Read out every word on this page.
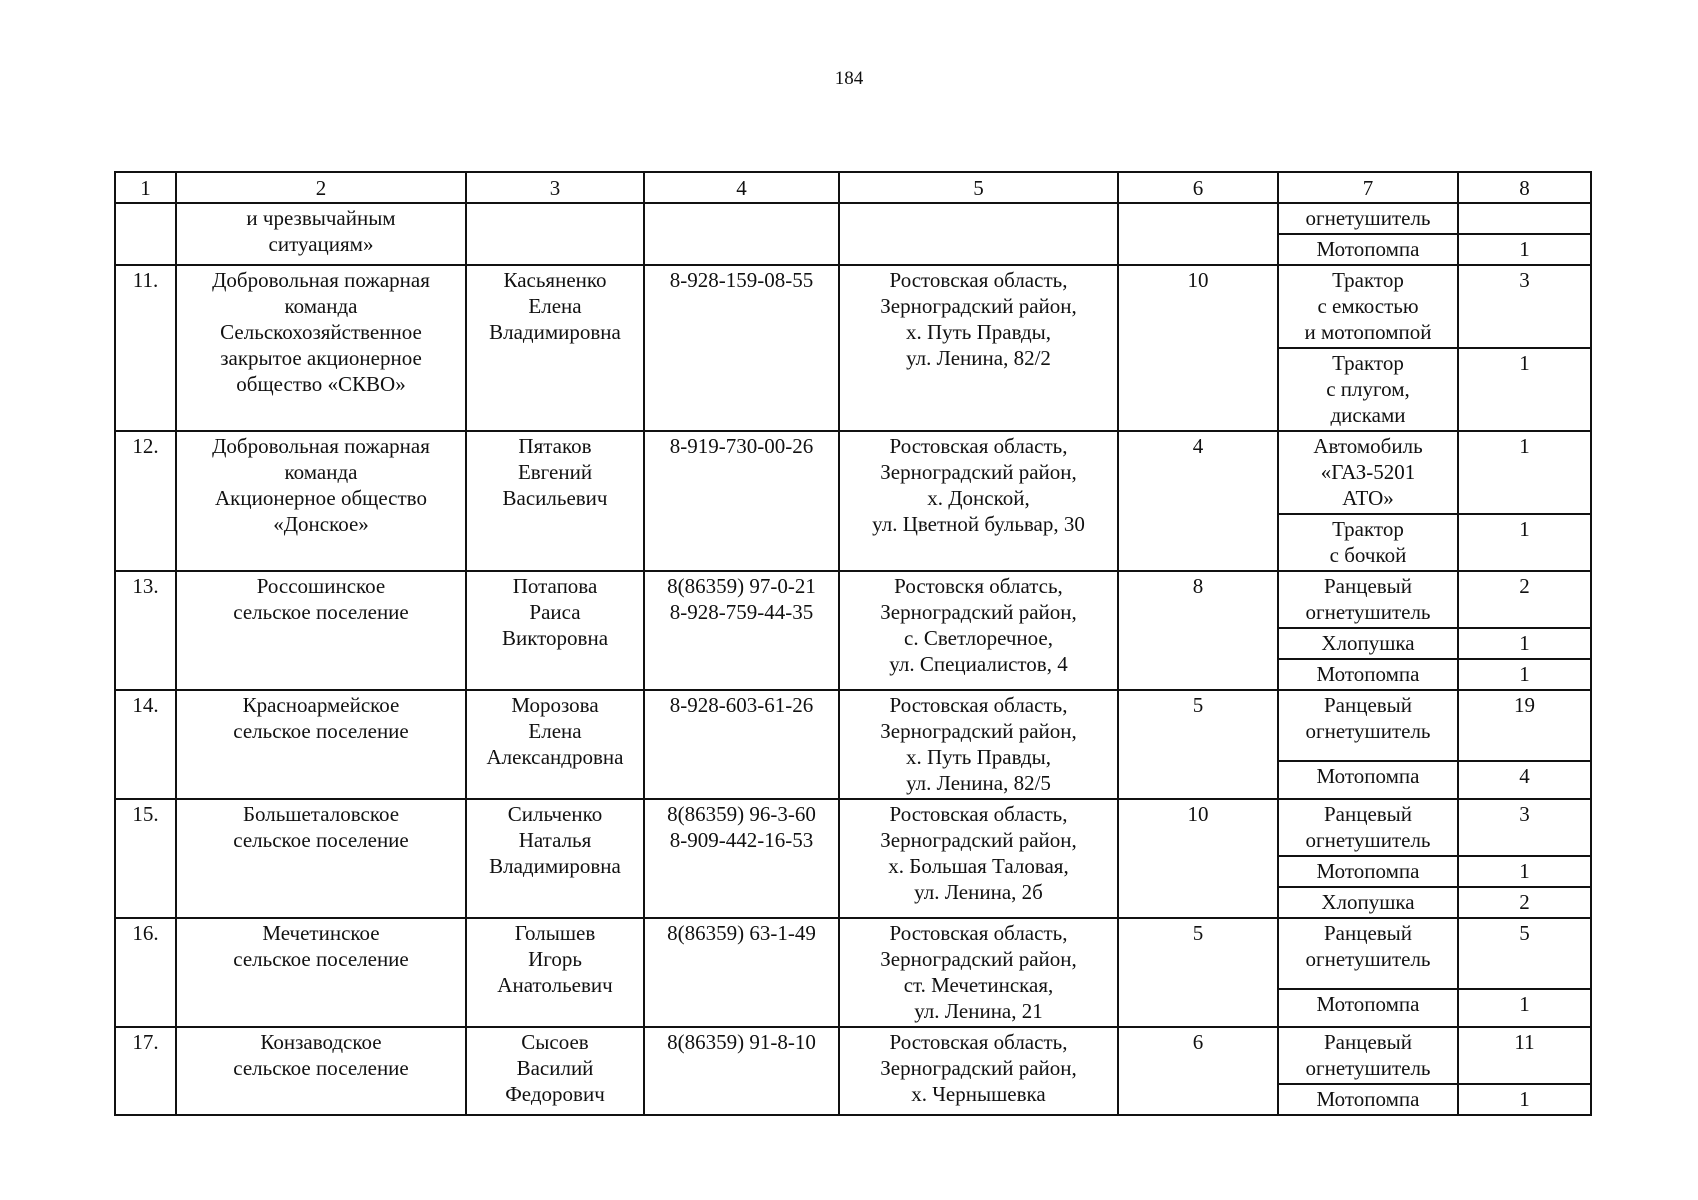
184
1	2	3	4	5	6	7	8
	и чрезвычайным
ситуациям»					огнетушитель	
						Мотопомпа	1
11.	Добровольная пожарная
команда
Сельскохозяйственное
закрытое акционерное
общество «СКВО»	Касьяненко
Елена
Владимировна	8-928-159-08-55	Ростовская область,
Зерноградский район,
х. Путь Правды,
ул. Ленина, 82/2	10	Трактор
с емкостью
и мотопомпой	3
						Трактор
с плугом,
дисками	1
12.	Добровольная пожарная
команда
Акционерное общество
«Донское»	Пятаков
Евгений
Васильевич	8-919-730-00-26	Ростовская область,
Зерноградский район,
х. Донской,
ул. Цветной бульвар, 30	4	Автомобиль
«ГАЗ-5201
АТО»	1
						Трактор
с бочкой	1
13.	Россошинское
сельское поселение	Потапова
Раиса
Викторовна	8(86359) 97-0-21
8-928-759-44-35	Ростовскя облатсь,
Зерноградский район,
с. Светлоречное,
ул. Специалистов, 4	8	Ранцевый
огнетушитель	2
						Хлопушка	1
						Мотопомпа	1
14.	Красноармейское
сельское поселение	Морозова
Елена
Александровна	8-928-603-61-26	Ростовская область,
Зерноградский район,
х. Путь Правды,
ул. Ленина, 82/5	5	Ранцевый
огнетушитель	19
						Мотопомпа	4
15.	Большеталовское
сельское поселение	Сильченко
Наталья
Владимировна	8(86359) 96-3-60
8-909-442-16-53	Ростовская область,
Зерноградский район,
х. Большая Таловая,
ул. Ленина, 2б	10	Ранцевый
огнетушитель	3
						Мотопомпа	1
						Хлопушка	2
16.	Мечетинское
сельское поселение	Голышев
Игорь
Анатольевич	8(86359) 63-1-49	Ростовская область,
Зерноградский район,
ст. Мечетинская,
ул. Ленина, 21	5	Ранцевый
огнетушитель	5
						Мотопомпа	1
17.	Конзаводское
сельское поселение	Сысоев
Василий
Федорович	8(86359) 91-8-10	Ростовская область,
Зерноградский район,
х. Чернышевка	6	Ранцевый
огнетушитель	11
						Мотопомпа	1
